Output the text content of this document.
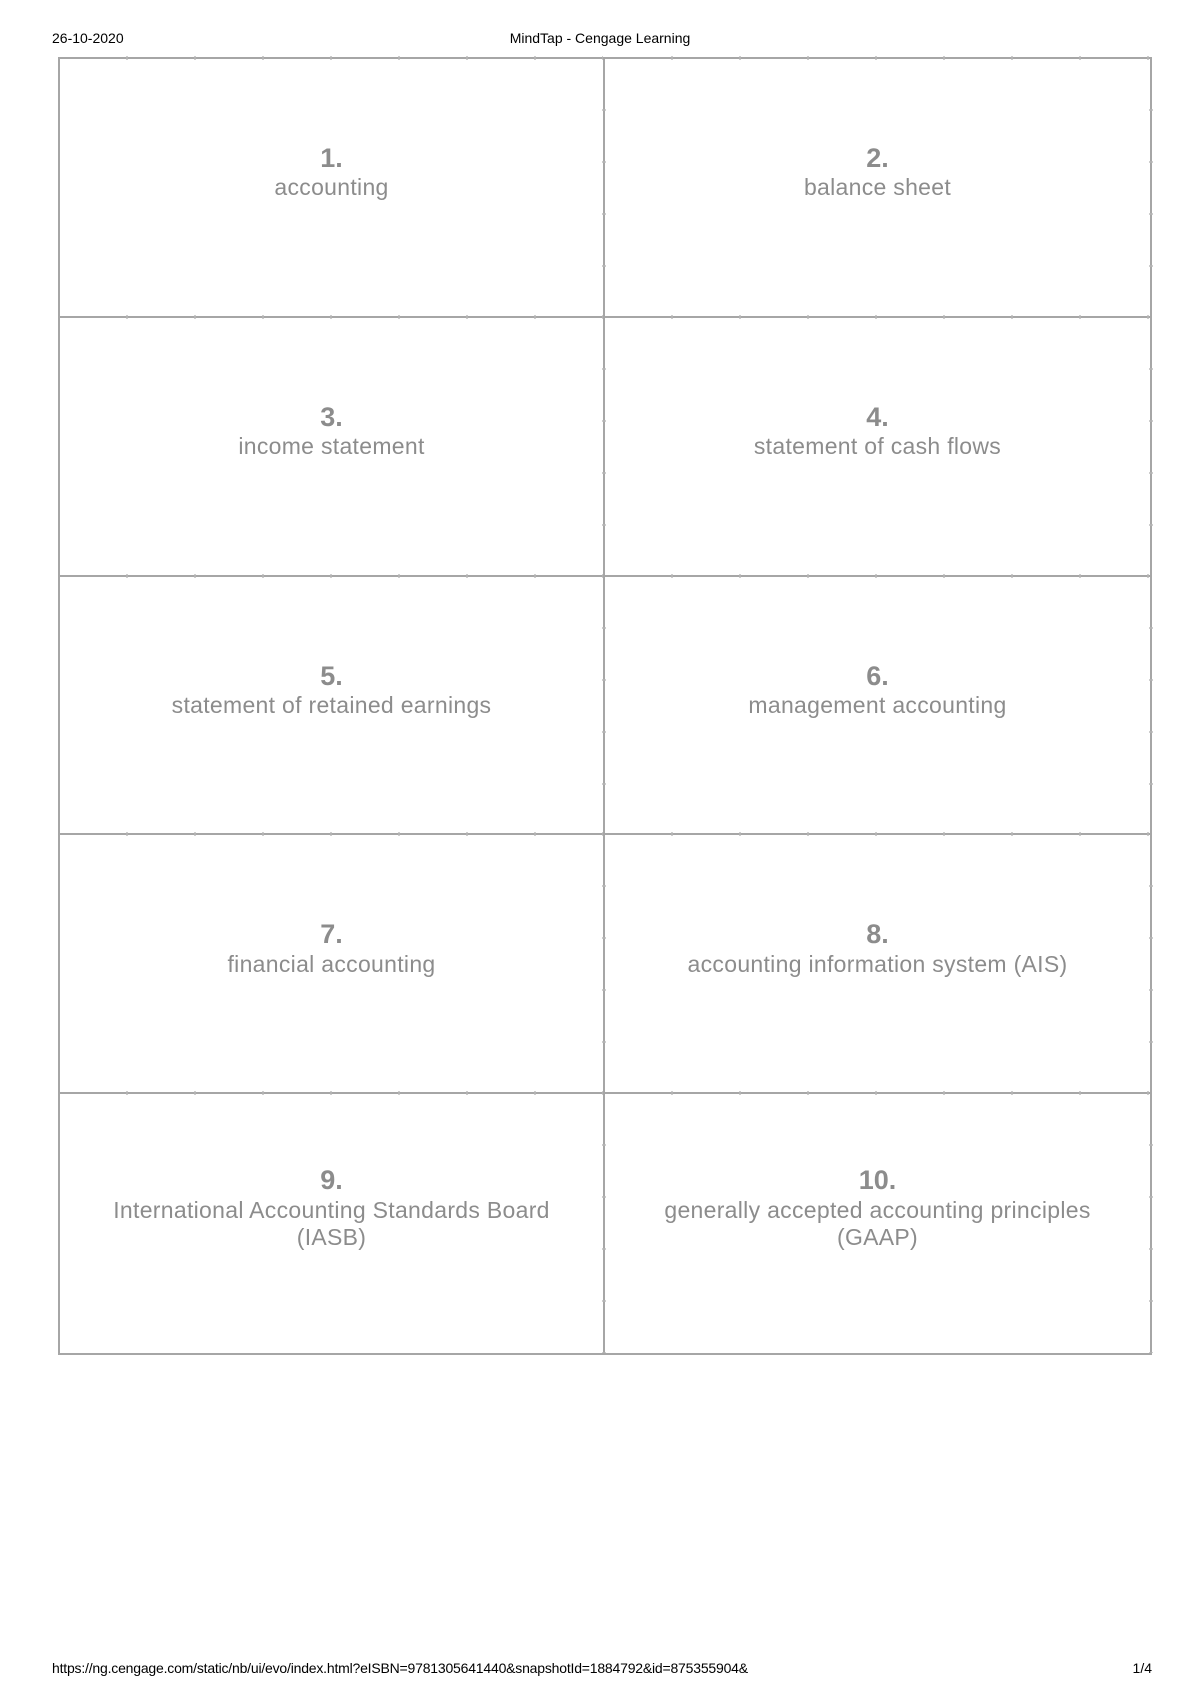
26-10-2020	MindTap - Cengage Learning
1.
accounting
2.
balance sheet
3.
income statement
4.
statement of cash flows
5.
statement of retained earnings
6.
management accounting
7.
financial accounting
8.
accounting information system (AIS)
9.
International Accounting Standards Board (IASB)
10.
generally accepted accounting principles (GAAP)
https://ng.cengage.com/static/nb/ui/evo/index.html?eISBN=9781305641440&snapshotId=1884792&id=875355904&	1/4
